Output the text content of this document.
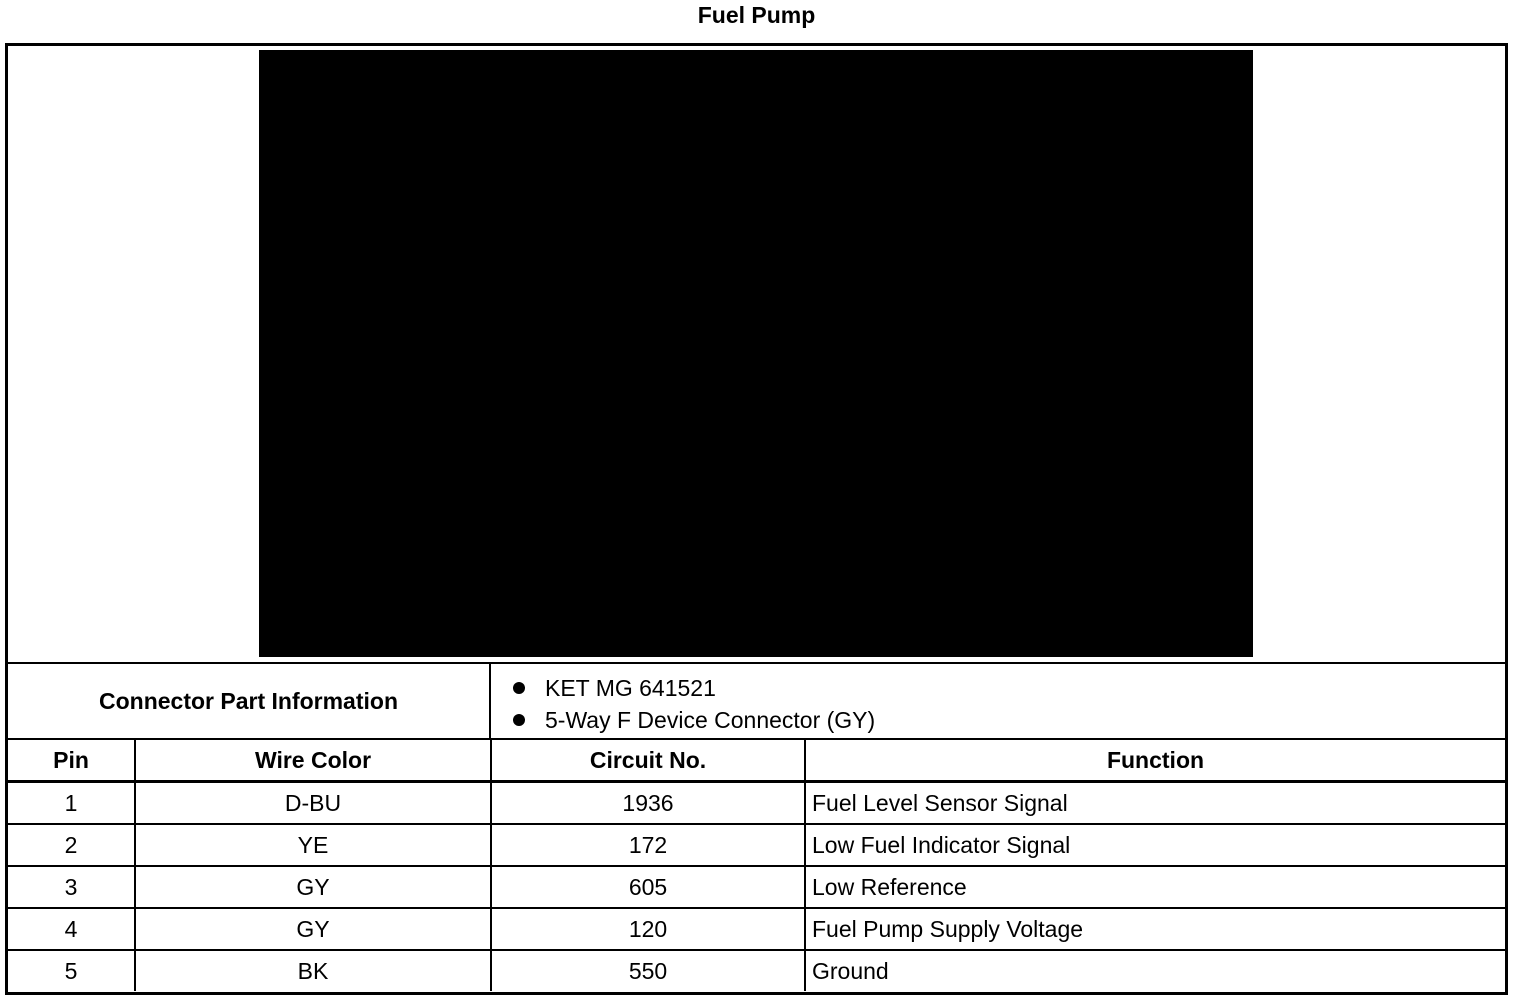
Fuel Pump
Connector Part Information	KET MG 641521
5-Way F Device Connector (GY)
Pin	Wire Color	Circuit No.	Function
1	D-BU	1936	Fuel Level Sensor Signal
2	YE	172	Low Fuel Indicator Signal
3	GY	605	Low Reference
4	GY	120	Fuel Pump Supply Voltage
5	BK	550	Ground
